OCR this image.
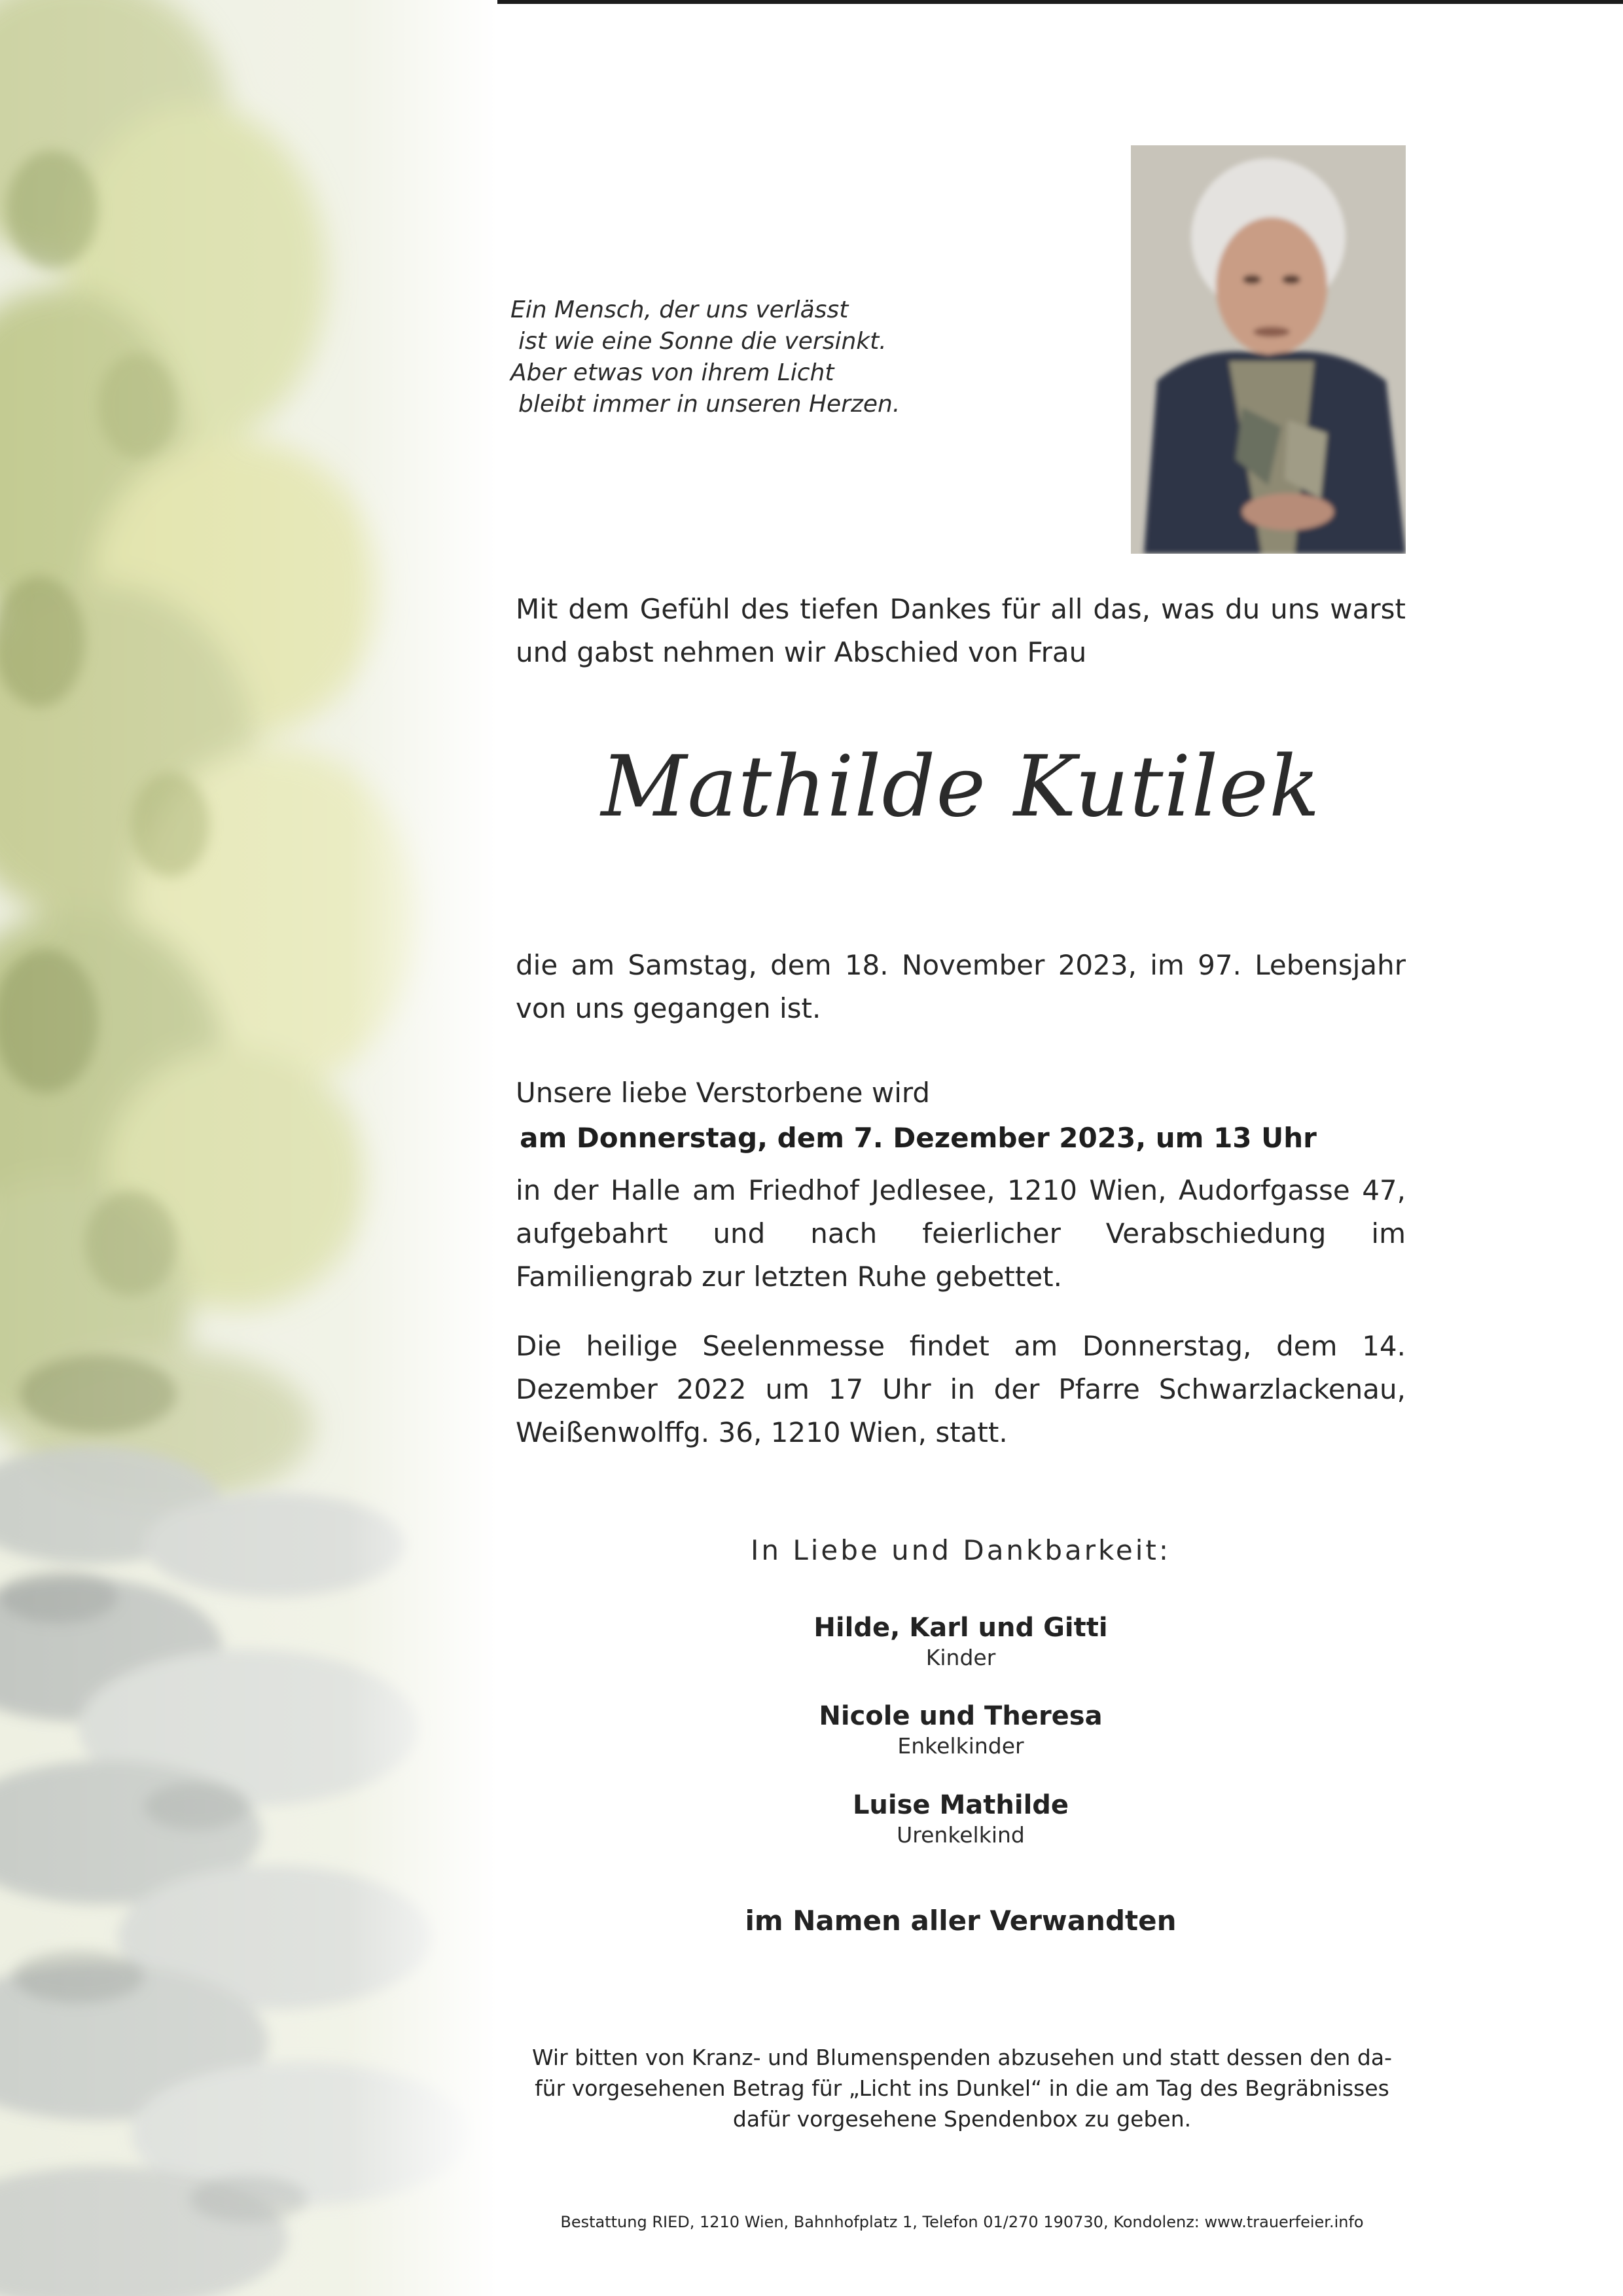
Ein Mensch, der uns verlässt
ist wie eine Sonne die versinkt.
Aber etwas von ihrem Licht
bleibt immer in unseren Herzen.
Mit dem Gefühl des tiefen Dankes für all das, was du uns warst und gabst nehmen wir Abschied von Frau
Mathilde Kutilek
die am Samstag, dem 18. November 2023, im 97. Lebensjahr von uns gegangen ist.
Unsere liebe Verstorbene wird
am Donnerstag, dem 7. Dezember 2023, um 13 Uhr
in der Halle am Friedhof Jedlesee, 1210 Wien, Audorfgasse 47, aufgebahrt und nach feierlicher Verabschiedung im Familiengrab zur letzten Ruhe gebettet.
Die heilige Seelenmesse findet am Donnerstag, dem 14. Dezember 2022 um 17 Uhr in der Pfarre Schwarzlackenau, Weißenwolffg. 36, 1210 Wien, statt.
In Liebe und Dankbarkeit:
Hilde, Karl und Gitti
Kinder
Nicole und Theresa
Enkelkinder
Luise Mathilde
Urenkelkind
im Namen aller Verwandten
Wir bitten von Kranz- und Blumenspenden abzusehen und statt dessen den da-
für vorgesehenen Betrag für „Licht ins Dunkel“ in die am Tag des Begräbnisses
dafür vorgesehene Spendenbox zu geben.
Bestattung RIED, 1210 Wien, Bahnhofplatz 1, Telefon 01/270 190730, Kondolenz: www.trauerfeier.info
